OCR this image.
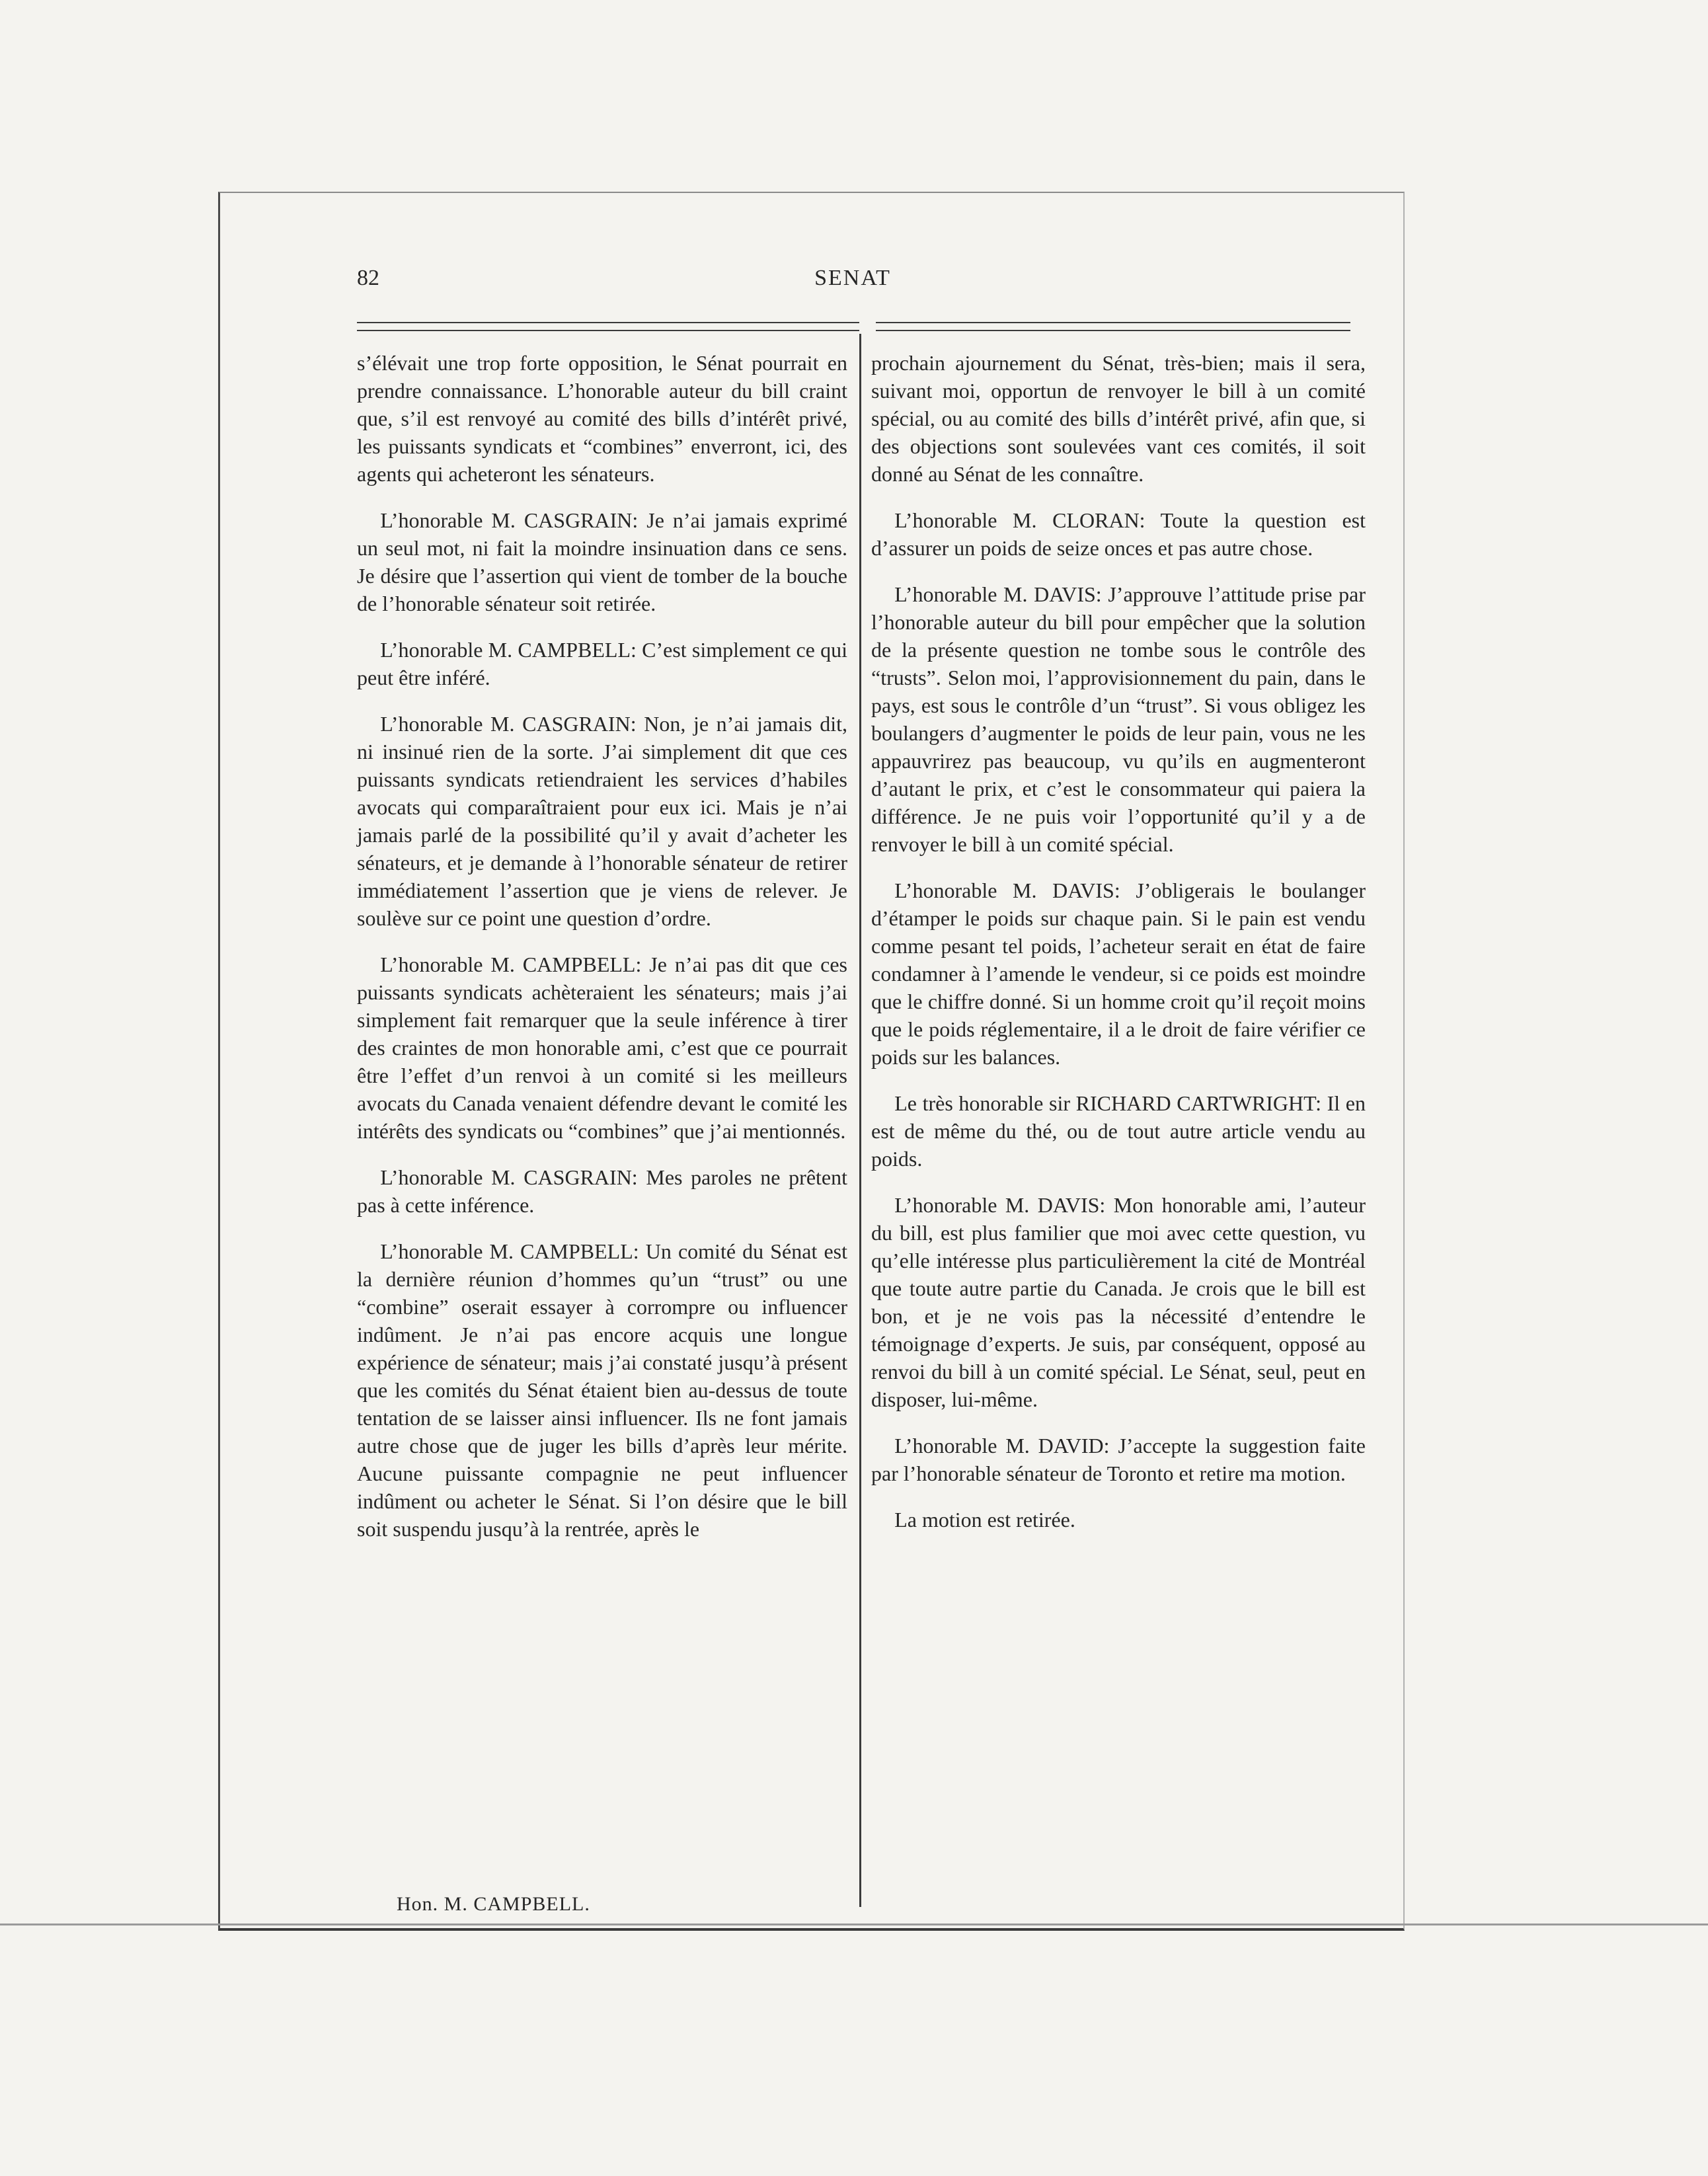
82	SENAT

s’élévait une trop forte opposition, le Sénat pourrait en prendre connaissance. L’honorable auteur du bill craint que, s’il est renvoyé au comité des bills d’intérêt privé, les puissants syndicats et “combines” enverront, ici, des agents qui acheteront les sénateurs.

L’honorable M. CASGRAIN: Je n’ai jamais exprimé un seul mot, ni fait la moindre insinuation dans ce sens. Je désire que l’assertion qui vient de tomber de la bouche de l’honorable sénateur soit retirée.

L’honorable M. CAMPBELL: C’est simplement ce qui peut être inféré.

L’honorable M. CASGRAIN: Non, je n’ai jamais dit, ni insinué rien de la sorte. J’ai simplement dit que ces puissants syndicats retiendraient les services d’habiles avocats qui comparaîtraient pour eux ici. Mais je n’ai jamais parlé de la possibilité qu’il y avait d’acheter les sénateurs, et je demande à l’honorable sénateur de retirer immédiatement l’assertion que je viens de relever. Je soulève sur ce point une question d’ordre.

L’honorable M. CAMPBELL: Je n’ai pas dit que ces puissants syndicats achèteraient les sénateurs; mais j’ai simplement fait remarquer que la seule inférence à tirer des craintes de mon honorable ami, c’est que ce pourrait être l’effet d’un renvoi à un comité si les meilleurs avocats du Canada venaient défendre devant le comité les intérêts des syndicats ou “combines” que j’ai mentionnés.

L’honorable M. CASGRAIN: Mes paroles ne prêtent pas à cette inférence.

L’honorable M. CAMPBELL: Un comité du Sénat est la dernière réunion d’hommes qu’un “trust” ou une “combine” oserait essayer à corrompre ou influencer indûment. Je n’ai pas encore acquis une longue expérience de sénateur; mais j’ai constaté jusqu’à présent que les comités du Sénat étaient bien au-dessus de toute tentation de se laisser ainsi influencer. Ils ne font jamais autre chose que de juger les bills d’après leur mérite. Aucune puissante compagnie ne peut influencer indûment ou acheter le Sénat. Si l’on désire que le bill soit suspendu jusqu’à la rentrée, après le

prochain ajournement du Sénat, très-bien; mais il sera, suivant moi, opportun de renvoyer le bill à un comité spécial, ou au comité des bills d’intérêt privé, afin que, si des objections sont soulevées vant ces comités, il soit donné au Sénat de les connaître.

L’honorable M. CLORAN: Toute la question est d’assurer un poids de seize onces et pas autre chose.

L’honorable M. DAVIS: J’approuve l’attitude prise par l’honorable auteur du bill pour empêcher que la solution de la présente question ne tombe sous le contrôle des “trusts”. Selon moi, l’approvisionnement du pain, dans le pays, est sous le contrôle d’un “trust”. Si vous obligez les boulangers d’augmenter le poids de leur pain, vous ne les appauvrirez pas beaucoup, vu qu’ils en augmenteront d’autant le prix, et c’est le consommateur qui paiera la différence. Je ne puis voir l’opportunité qu’il y a de renvoyer le bill à un comité spécial.

L’honorable M. DAVIS: J’obligerais le boulanger d’étamper le poids sur chaque pain. Si le pain est vendu comme pesant tel poids, l’acheteur serait en état de faire condamner à l’amende le vendeur, si ce poids est moindre que le chiffre donné. Si un homme croit qu’il reçoit moins que le poids réglementaire, il a le droit de faire vérifier ce poids sur les balances.

Le très honorable sir RICHARD CARTWRIGHT: Il en est de même du thé, ou de tout autre article vendu au poids.

L’honorable M. DAVIS: Mon honorable ami, l’auteur du bill, est plus familier que moi avec cette question, vu qu’elle intéresse plus particulièrement la cité de Montréal que toute autre partie du Canada. Je crois que le bill est bon, et je ne vois pas la nécessité d’entendre le témoignage d’experts. Je suis, par conséquent, opposé au renvoi du bill à un comité spécial. Le Sénat, seul, peut en disposer, lui-même.

L’honorable M. DAVID: J’accepte la suggestion faite par l’honorable sénateur de Toronto et retire ma motion.

La motion est retirée.

Hon. M. CAMPBELL.
